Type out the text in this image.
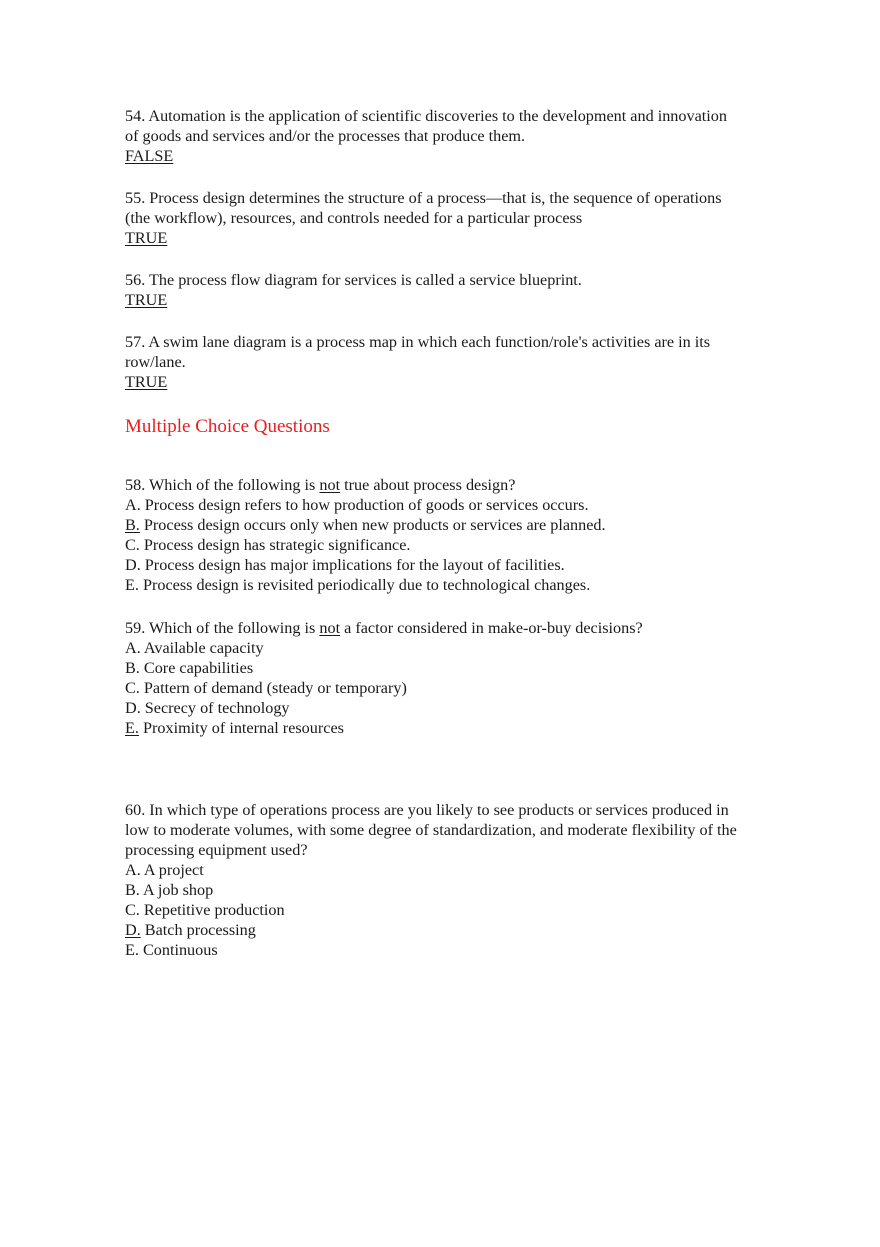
54. Automation is the application of scientific discoveries to the development and innovation
of goods and services and/or the processes that produce them.
FALSE
55. Process design determines the structure of a process—that is, the sequence of operations
(the workflow), resources, and controls needed for a particular process
TRUE
56. The process flow diagram for services is called a service blueprint.
TRUE
57. A swim lane diagram is a process map in which each function/role's activities are in its
row/lane.
TRUE
Multiple Choice Questions
58. Which of the following is not true about process design?
A. Process design refers to how production of goods or services occurs.
B. Process design occurs only when new products or services are planned.
C. Process design has strategic significance.
D. Process design has major implications for the layout of facilities.
E. Process design is revisited periodically due to technological changes.
59. Which of the following is not a factor considered in make-or-buy decisions?
A. Available capacity
B. Core capabilities
C. Pattern of demand (steady or temporary)
D. Secrecy of technology
E. Proximity of internal resources
60. In which type of operations process are you likely to see products or services produced in
low to moderate volumes, with some degree of standardization, and moderate flexibility of the
processing equipment used?
A. A project
B. A job shop
C. Repetitive production
D. Batch processing
E. Continuous
